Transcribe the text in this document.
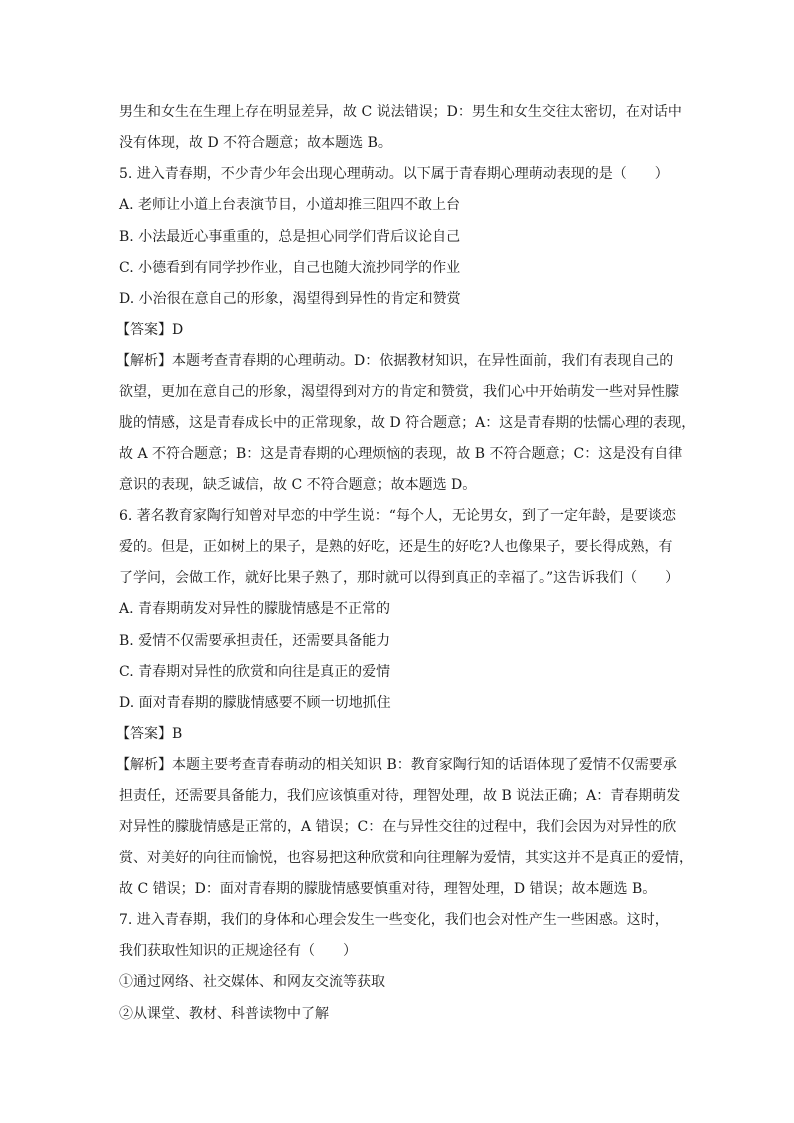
男生和女生在生理上存在明显差异，故 C 说法错误；D：男生和女生交往太密切，在对话中
没有体现，故 D 不符合题意；故本题选 B。
5. 进入青春期，不少青少年会出现心理萌动。以下属于青春期心理萌动表现的是（　　）
A. 老师让小道上台表演节目，小道却推三阻四不敢上台
B. 小法最近心事重重的，总是担心同学们背后议论自己
C. 小德看到有同学抄作业，自己也随大流抄同学的作业
D. 小治很在意自己的形象，渴望得到异性的肯定和赞赏
【答案】D
【解析】本题考查青春期的心理萌动。D：依据教材知识，在异性面前，我们有表现自己的
欲望，更加在意自己的形象，渴望得到对方的肯定和赞赏，我们心中开始萌发一些对异性朦
胧的情感，这是青春成长中的正常现象，故 D 符合题意；A：这是青春期的怯懦心理的表现，
故 A 不符合题意；B：这是青春期的心理烦恼的表现，故 B 不符合题意；C：这是没有自律
意识的表现，缺乏诚信，故 C 不符合题意；故本题选 D。
6. 著名教育家陶行知曾对早恋的中学生说：“每个人，无论男女，到了一定年龄，是要谈恋
爱的。但是，正如树上的果子，是熟的好吃，还是生的好吃?人也像果子，要长得成熟，有
了学问，会做工作，就好比果子熟了，那时就可以得到真正的幸福了。”这告诉我们（　　）
A. 青春期萌发对异性的朦胧情感是不正常的
B. 爱情不仅需要承担责任，还需要具备能力
C. 青春期对异性的欣赏和向往是真正的爱情
D. 面对青春期的朦胧情感要不顾一切地抓住
【答案】B
【解析】本题主要考查青春萌动的相关知识 B：教育家陶行知的话语体现了爱情不仅需要承
担责任，还需要具备能力，我们应该慎重对待，理智处理，故 B 说法正确；A：青春期萌发
对异性的朦胧情感是正常的，A 错误；C：在与异性交往的过程中，我们会因为对异性的欣
赏、对美好的向往而愉悦，也容易把这种欣赏和向往理解为爱情，其实这并不是真正的爱情，
故 C 错误；D：面对青春期的朦胧情感要慎重对待，理智处理，D 错误；故本题选 B。
7. 进入青春期，我们的身体和心理会发生一些变化，我们也会对性产生一些困惑。这时，
我们获取性知识的正规途径有（　　）
①通过网络、社交媒体、和网友交流等获取
②从课堂、教材、科普读物中了解
